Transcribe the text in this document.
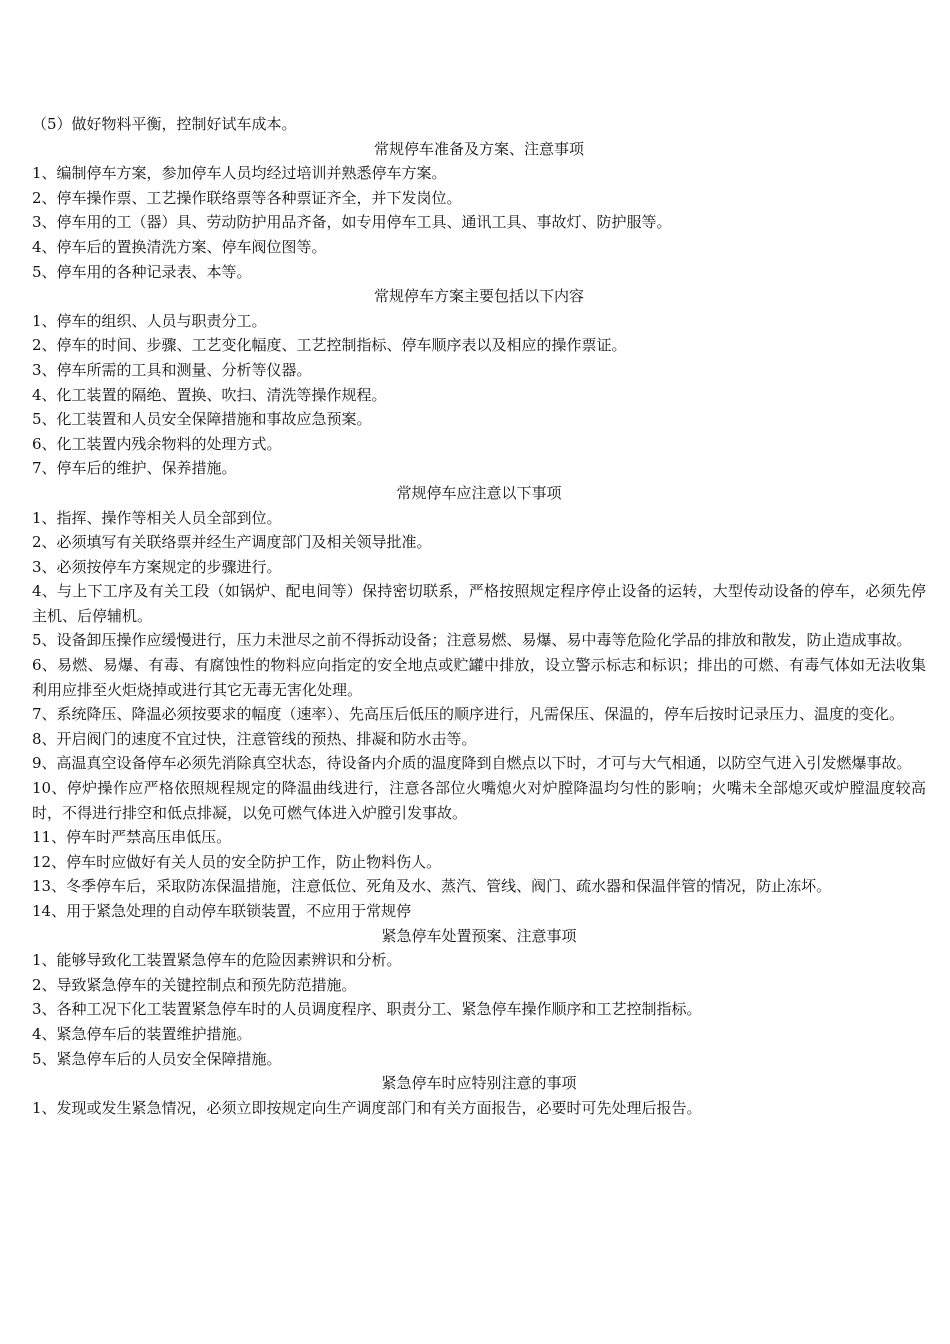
（5）做好物料平衡，控制好试车成本。

常规停车准备及方案、注意事项

1、编制停车方案，参加停车人员均经过培训并熟悉停车方案。

2、停车操作票、工艺操作联络票等各种票证齐全，并下发岗位。

3、停车用的工（器）具、劳动防护用品齐备，如专用停车工具、通讯工具、事故灯、防护服等。

4、停车后的置换清洗方案、停车阀位图等。

5、停车用的各种记录表、本等。

常规停车方案主要包括以下内容

1、停车的组织、人员与职责分工。

2、停车的时间、步骤、工艺变化幅度、工艺控制指标、停车顺序表以及相应的操作票证。

3、停车所需的工具和测量、分析等仪器。

4、化工装置的隔绝、置换、吹扫、清洗等操作规程。

5、化工装置和人员安全保障措施和事故应急预案。

6、化工装置内残余物料的处理方式。

7、停车后的维护、保养措施。

常规停车应注意以下事项

1、指挥、操作等相关人员全部到位。

2、必须填写有关联络票并经生产调度部门及相关领导批准。

3、必须按停车方案规定的步骤进行。

4、与上下工序及有关工段（如锅炉、配电间等）保持密切联系，严格按照规定程序停止设备的运转，大型传动设备的停车，必须先停主机、后停辅机。

5、设备卸压操作应缓慢进行，压力未泄尽之前不得拆动设备；注意易燃、易爆、易中毒等危险化学品的排放和散发，防止造成事故。

6、易燃、易爆、有毒、有腐蚀性的物料应向指定的安全地点或贮罐中排放，设立警示标志和标识；排出的可燃、有毒气体如无法收集利用应排至火炬烧掉或进行其它无毒无害化处理。

7、系统降压、降温必须按要求的幅度（速率）、先高压后低压的顺序进行，凡需保压、保温的，停车后按时记录压力、温度的变化。

8、开启阀门的速度不宜过快，注意管线的预热、排凝和防水击等。

9、高温真空设备停车必须先消除真空状态，待设备内介质的温度降到自燃点以下时，才可与大气相通，以防空气进入引发燃爆事故。

10、停炉操作应严格依照规程规定的降温曲线进行，注意各部位火嘴熄火对炉膛降温均匀性的影响；火嘴未全部熄灭或炉膛温度较高时，不得进行排空和低点排凝，以免可燃气体进入炉膛引发事故。

11、停车时严禁高压串低压。

12、停车时应做好有关人员的安全防护工作，防止物料伤人。

13、冬季停车后，采取防冻保温措施，注意低位、死角及水、蒸汽、管线、阀门、疏水器和保温伴管的情况，防止冻坏。

14、用于紧急处理的自动停车联锁装置，不应用于常规停

紧急停车处置预案、注意事项

1、能够导致化工装置紧急停车的危险因素辨识和分析。

2、导致紧急停车的关键控制点和预先防范措施。

3、各种工况下化工装置紧急停车时的人员调度程序、职责分工、紧急停车操作顺序和工艺控制指标。

4、紧急停车后的装置维护措施。

5、紧急停车后的人员安全保障措施。

紧急停车时应特别注意的事项

1、发现或发生紧急情况，必须立即按规定向生产调度部门和有关方面报告，必要时可先处理后报告。
